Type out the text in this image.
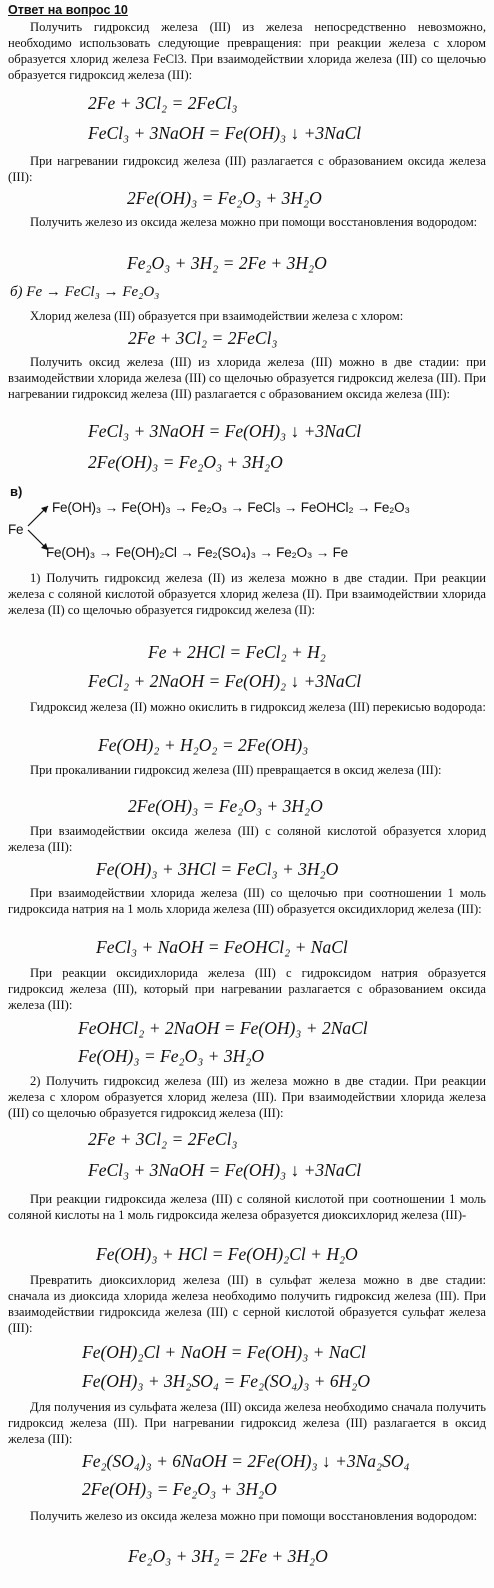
Ответ на вопрос 10
Получить гидроксид железа (III) из железа непосредственно невозможно, необходимо использовать следующие превращения: при реакции железа с хлором образуется хлорид железа FeCl3. При взаимодействии хлорида железа (III) со щелочью образуется гидроксид железа (III):
2Fe + 3Cl₂ = 2FeCl₃
FeCl₃ + 3NaOH = Fe(OH)₃ ↓ +3NaCl
При нагревании гидроксид железа (III) разлагается с образованием оксида железа (III):
2Fe(OH)₃ = Fe₂O₃ + 3H₂O
Получить железо из оксида железа можно при помощи восстановления водородом:
Fe₂O₃ + 3H₂ = 2Fe + 3H₂O
б) Fe → FeCl₃ → Fe₂O₃
Хлорид железа (III) образуется при взаимодействии железа с хлором:
2Fe + 3Cl₂ = 2FeCl₃
Получить оксид железа (III) из хлорида железа (III) можно в две стадии: при взаимодействии хлорида железа (III) со щелочью образуется гидроксид железа (III). При нагревании гидроксид железа (III) разлагается с образованием оксида железа (III):
FeCl₃ + 3NaOH = Fe(OH)₃ ↓ +3NaCl
2Fe(OH)₃ = Fe₂O₃ + 3H₂O
в)
Fe
Fe(OH)₃ → Fe(OH)₃ → Fe₂O₃ → FeCl₃ → FeOHCl₂ → Fe₂O₃
Fe(OH)₃ → Fe(OH)₂Cl → Fe₂(SO₄)₃ → Fe₂O₃ → Fe
1) Получить гидроксид железа (II) из железа можно в две стадии. При реакции железа с соляной кислотой образуется хлорид железа (II). При взаимодействии хлорида железа (II) со щелочью образуется гидроксид железа (II):
Fe + 2HCl = FeCl₂ + H₂
FeCl₂ + 2NaOH = Fe(OH)₂ ↓ +3NaCl
Гидроксид железа (II) можно окислить в гидроксид железа (III) перекисью водорода:
Fe(OH)₂ + H₂O₂ = 2Fe(OH)₃
При прокаливании гидроксид железа (III) превращается в оксид железа (III):
2Fe(OH)₃ = Fe₂O₃ + 3H₂O
При взаимодействии оксида железа (III) с соляной кислотой образуется хлорид железа (III):
Fe(OH)₃ + 3HCl = FeCl₃ + 3H₂O
При взаимодействии хлорида железа (III) со щелочью при соотношении 1 моль гидроксида натрия на 1 моль хлорида железа (III) образуется оксидихлорид железа (III):
FeCl₃ + NaOH = FeOHCl₂ + NaCl
При реакции оксидихлорида железа (III) с гидроксидом натрия образуется гидроксид железа (III), который при нагревании разлагается с образованием оксида железа (III):
FeOHCl₂ + 2NaOH = Fe(OH)₃ + 2NaCl
Fe(OH)₃ = Fe₂O₃ + 3H₂O
2) Получить гидроксид железа (III) из железа можно в две стадии. При реакции железа с хлором образуется хлорид железа (III). При взаимодействии хлорида железа (III) со щелочью образуется гидроксид железа (III):
2Fe + 3Cl₂ = 2FeCl₃
FeCl₃ + 3NaOH = Fe(OH)₃ ↓ +3NaCl
При реакции гидроксида железа (III) с соляной кислотой при соотношении 1 моль соляной кислоты на 1 моль гидроксида железа образуется диоксихлорид железа (III)-
Fe(OH)₃ + HCl = Fe(OH)₂Cl + H₂O
Превратить диоксихлорид железа (III) в сульфат железа можно в две стадии: сначала из диоксида хлорида железа необходимо получить гидроксид железа (III). При взаимодействии гидроксида железа (III) с серной кислотой образуется сульфат железа (III):
Fe(OH)₂Cl + NaOH = Fe(OH)₃ + NaCl
Fe(OH)₃ + 3H₂SO₄ = Fe₂(SO₄)₃ + 6H₂O
Для получения из сульфата железа (III) оксида железа необходимо сначала получить гидроксид железа (III). При нагревании гидроксид железа (III) разлагается в оксид железа (III):
Fe₂(SO₄)₃ + 6NaOH = 2Fe(OH)₃ ↓ +3Na₂SO₄
2Fe(OH)₃ = Fe₂O₃ + 3H₂O
Получить железо из оксида железа можно при помощи восстановления водородом:
Fe₂O₃ + 3H₂ = 2Fe + 3H₂O
